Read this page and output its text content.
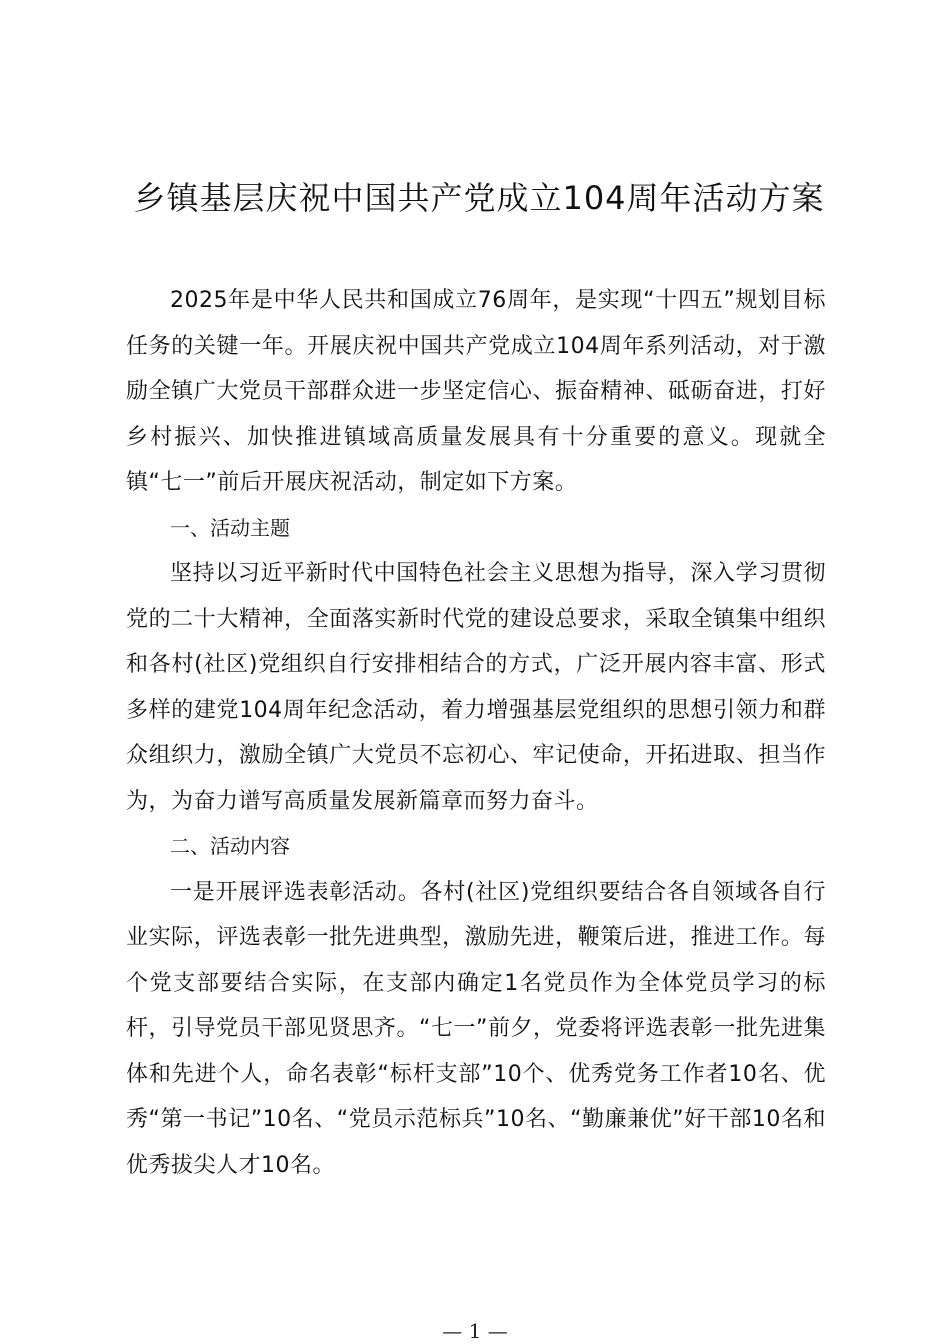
乡镇基层庆祝中国共产党成立104周年活动方案

2025年是中华人民共和国成立76周年，是实现“十四五”规划目标任务的关键一年。开展庆祝中国共产党成立104周年系列活动，对于激励全镇广大党员干部群众进一步坚定信心、振奋精神、砥砺奋进，打好乡村振兴、加快推进镇域高质量发展具有十分重要的意义。现就全镇“七一”前后开展庆祝活动，制定如下方案。

一、活动主题

坚持以习近平新时代中国特色社会主义思想为指导，深入学习贯彻党的二十大精神，全面落实新时代党的建设总要求，采取全镇集中组织和各村(社区)党组织自行安排相结合的方式，广泛开展内容丰富、形式多样的建党104周年纪念活动，着力增强基层党组织的思想引领力和群众组织力，激励全镇广大党员不忘初心、牢记使命，开拓进取、担当作为，为奋力谱写高质量发展新篇章而努力奋斗。

二、活动内容

一是开展评选表彰活动。各村(社区)党组织要结合各自领域各自行业实际，评选表彰一批先进典型，激励先进，鞭策后进，推进工作。每个党支部要结合实际，在支部内确定1名党员作为全体党员学习的标杆，引导党员干部见贤思齐。“七一”前夕，党委将评选表彰一批先进集体和先进个人，命名表彰“标杆支部”10个、优秀党务工作者10名、优秀“第一书记”10名、“党员示范标兵”10名、“勤廉兼优”好干部10名和优秀拔尖人才10名。

— 1 —
